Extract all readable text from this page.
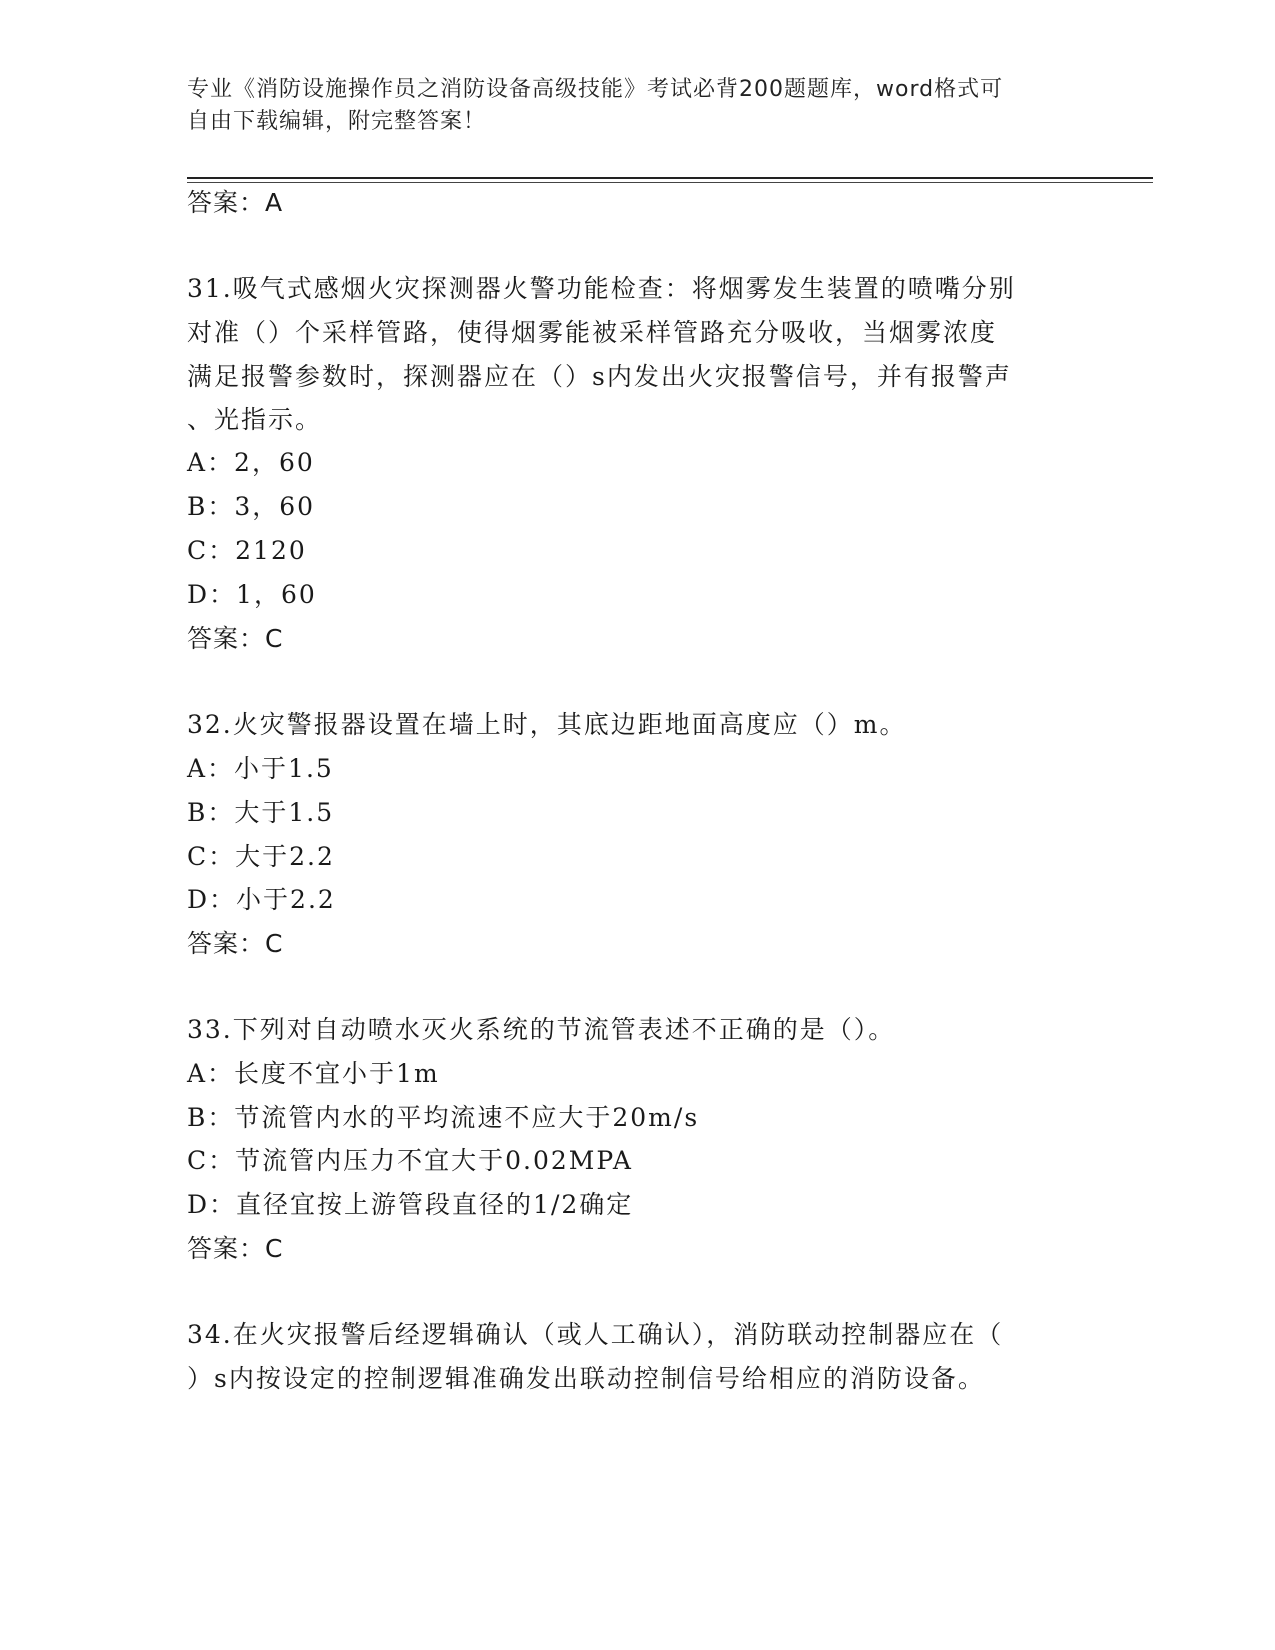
专业《消防设施操作员之消防设备高级技能》考试必背200题题库，word格式可
自由下载编辑，附完整答案！
答案：A
31.吸气式感烟火灾探测器火警功能检查：将烟雾发生装置的喷嘴分别
对准（）个采样管路，使得烟雾能被采样管路充分吸收，当烟雾浓度
满足报警参数时，探测器应在（）s内发出火灾报警信号，并有报警声
、光指示。
A：2，60
B：3，60
C：2120
D：1，60
答案：C
32.火灾警报器设置在墙上时，其底边距地面高度应（）m。
A：小于1.5
B：大于1.5
C：大于2.2
D：小于2.2
答案：C
33.下列对自动喷水灭火系统的节流管表述不正确的是（）。
A：长度不宜小于1m
B：节流管内水的平均流速不应大于20m/s
C：节流管内压力不宜大于0.02MPA
D：直径宜按上游管段直径的1/2确定
答案：C
34.在火灾报警后经逻辑确认（或人工确认），消防联动控制器应在（
）s内按设定的控制逻辑准确发出联动控制信号给相应的消防设备。
